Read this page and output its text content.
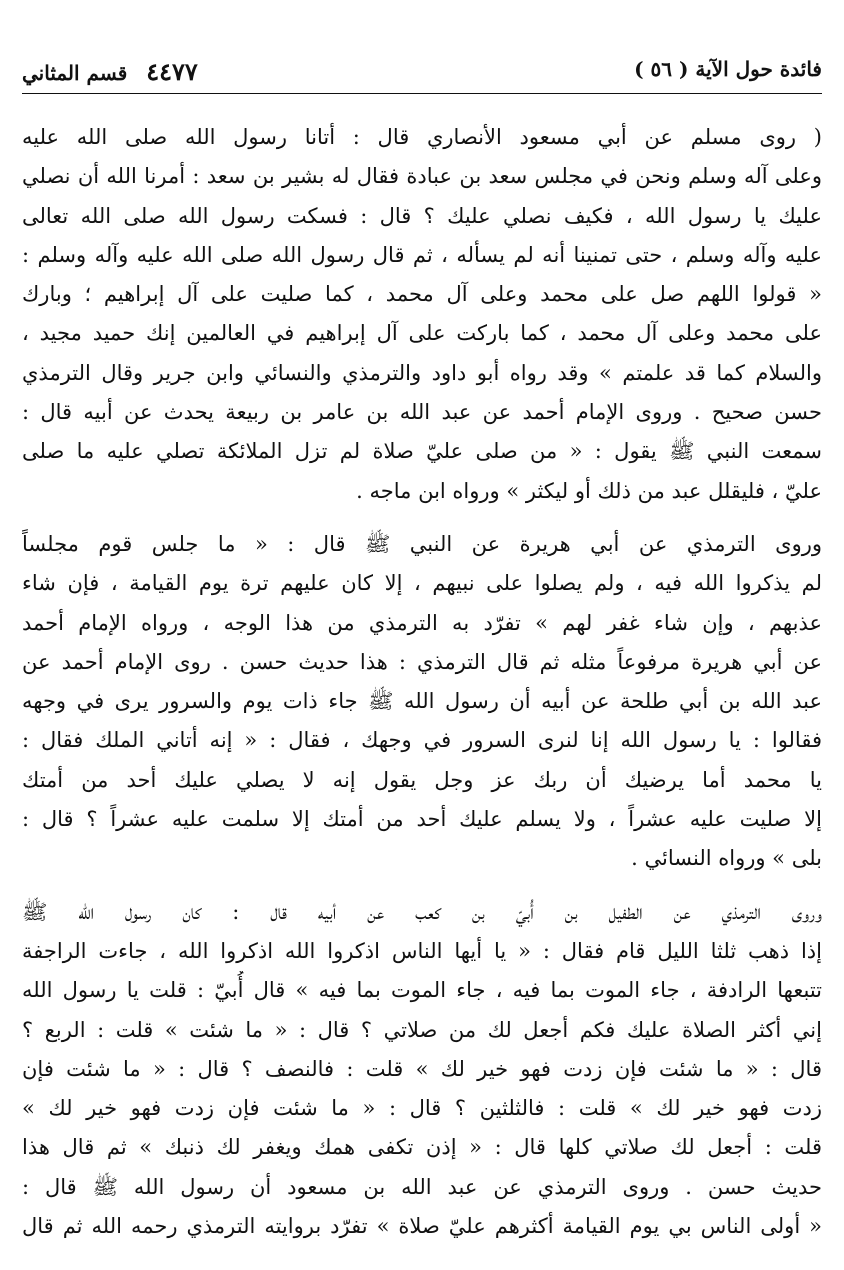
فائدة حول الآية ( ٥٦ )
٤٤٧٧ قسم المثاني

( روى مسلم عن أبي مسعود الأنصاري قال : أتانا رسول الله صلى الله عليه

وعلى آله وسلم ونحن في مجلس سعد بن عبادة فقال له بشير بن سعد : أمرنا الله أن نصلي

عليك يا رسول الله ، فكيف نصلي عليك ؟ قال : فسكت رسول الله صلى الله تعالى

عليه وآله وسلم ، حتى تمنينا أنه لم يسأله ، ثم قال رسول الله صلى الله عليه وآله وسلم :

« قولوا اللهم صل على محمد وعلى آل محمد ، كما صليت على آل إبراهيم ؛ وبارك

على محمد وعلى آل محمد ، كما باركت على آل إبراهيم في العالمين إنك حميد مجيد ،

والسلام كما قد علمتم » وقد رواه أبو داود والترمذي والنسائي وابن جرير وقال الترمذي

حسن صحيح . وروى الإمام أحمد عن عبد الله بن عامر بن ربيعة يحدث عن أبيه قال :

سمعت النبي ﷺ يقول : « من صلى عليّ صلاة لم تزل الملائكة تصلي عليه ما صلى

عليّ ، فليقلل عبد من ذلك أو ليكثر » ورواه ابن ماجه .

وروى الترمذي عن أبي هريرة عن النبي ﷺ قال : « ما جلس قوم مجلساً

لم يذكروا الله فيه ، ولم يصلوا على نبيهم ، إلا كان عليهم ترة يوم القيامة ، فإن شاء

عذبهم ، وإن شاء غفر لهم » تفرّد به الترمذي من هذا الوجه ، ورواه الإمام أحمد

عن أبي هريرة مرفوعاً مثله ثم قال الترمذي : هذا حديث حسن . روى الإمام أحمد عن

عبد الله بن أبي طلحة عن أبيه أن رسول الله ﷺ جاء ذات يوم والسرور يرى في وجهه

فقالوا : يا رسول الله إنا لنرى السرور في وجهك ، فقال : « إنه أتاني الملك فقال :

يا محمد أما يرضيك أن ربك عز وجل يقول إنه لا يصلي عليك أحد من أمتك

إلا صليت عليه عشراً ، ولا يسلم عليك أحد من أمتك إلا سلمت عليه عشراً ؟ قال :

بلى » ورواه النسائي .

وروى الترمذي عن الطفيل بن أُبيّ بن كعب عن أبيه قال : كان رسول الله ﷺ

إذا ذهب ثلثا الليل قام فقال : « يا أيها الناس اذكروا الله اذكروا الله ، جاءت الراجفة

تتبعها الرادفة ، جاء الموت بما فيه ، جاء الموت بما فيه » قال أُبيّ : قلت يا رسول الله

إني أكثر الصلاة عليك فكم أجعل لك من صلاتي ؟ قال : « ما شئت » قلت : الربع ؟

قال : « ما شئت فإن زدت فهو خير لك » قلت : فالنصف ؟ قال : « ما شئت فإن

زدت فهو خير لك » قلت : فالثلثين ؟ قال : « ما شئت فإن زدت فهو خير لك »

قلت : أجعل لك صلاتي كلها قال : « إذن تكفى همك ويغفر لك ذنبك » ثم قال هذا

حديث حسن . وروى الترمذي عن عبد الله بن مسعود أن رسول الله ﷺ قال :

« أولى الناس بي يوم القيامة أكثرهم عليّ صلاة » تفرّد بروايته الترمذي رحمه الله ثم قال
